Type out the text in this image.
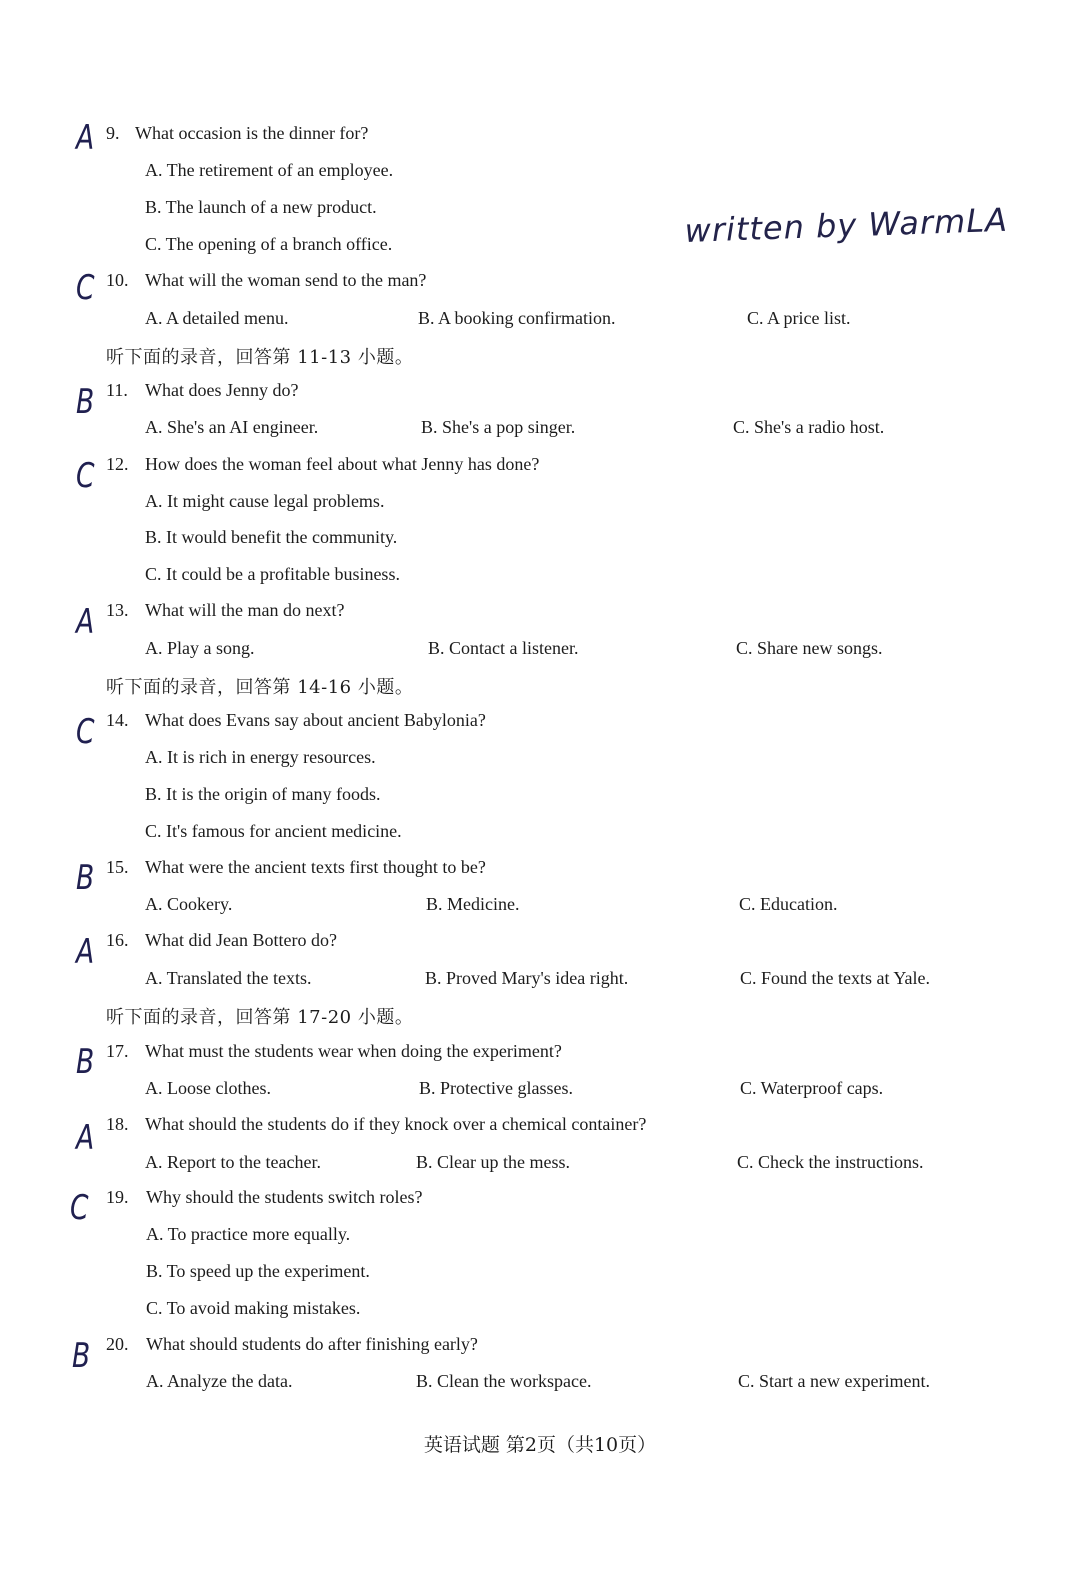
written by WarmLA
A 9. What occasion is the dinner for?
A. The retirement of an employee.
B. The launch of a new product.
C. The opening of a branch office.
C 10. What will the woman send to the man?
A. A detailed menu.	B. A booking confirmation.	C. A price list.
听下面的录音，回答第 11-13 小题。
B 11. What does Jenny do?
A. She's an AI engineer.	B. She's a pop singer.	C. She's a radio host.
C 12. How does the woman feel about what Jenny has done?
A. It might cause legal problems.
B. It would benefit the community.
C. It could be a profitable business.
A 13. What will the man do next?
A. Play a song.	B. Contact a listener.	C. Share new songs.
听下面的录音，回答第 14-16 小题。
C 14. What does Evans say about ancient Babylonia?
A. It is rich in energy resources.
B. It is the origin of many foods.
C. It's famous for ancient medicine.
B 15. What were the ancient texts first thought to be?
A. Cookery.	B. Medicine.	C. Education.
A 16. What did Jean Bottero do?
A. Translated the texts.	B. Proved Mary's idea right.	C. Found the texts at Yale.
听下面的录音，回答第 17-20 小题。
B 17. What must the students wear when doing the experiment?
A. Loose clothes.	B. Protective glasses.	C. Waterproof caps.
A 18. What should the students do if they knock over a chemical container?
A. Report to the teacher.	B. Clear up the mess.	C. Check the instructions.
C 19. Why should the students switch roles?
A. To practice more equally.
B. To speed up the experiment.
C. To avoid making mistakes.
B 20. What should students do after finishing early?
A. Analyze the data.	B. Clean the workspace.	C. Start a new experiment.
英语试题 第2页（共10页）
